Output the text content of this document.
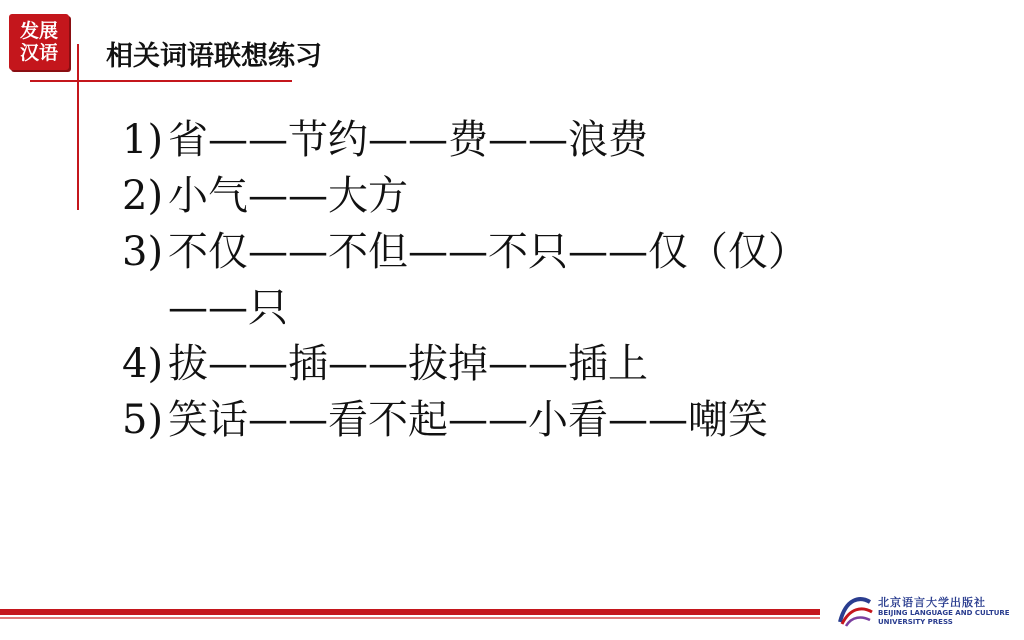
发展
汉语 相关词语联想练习
1) 省——节约——费——浪费
2) 小气——大方
3) 不仅——不但——不只——仅（仅）
——只
4) 拔——插——拔掉——插上
5) 笑话——看不起——小看——嘲笑
北京语言大学出版社
BEIJING LANGUAGE AND CULTURE
UNIVERSITY PRESS
